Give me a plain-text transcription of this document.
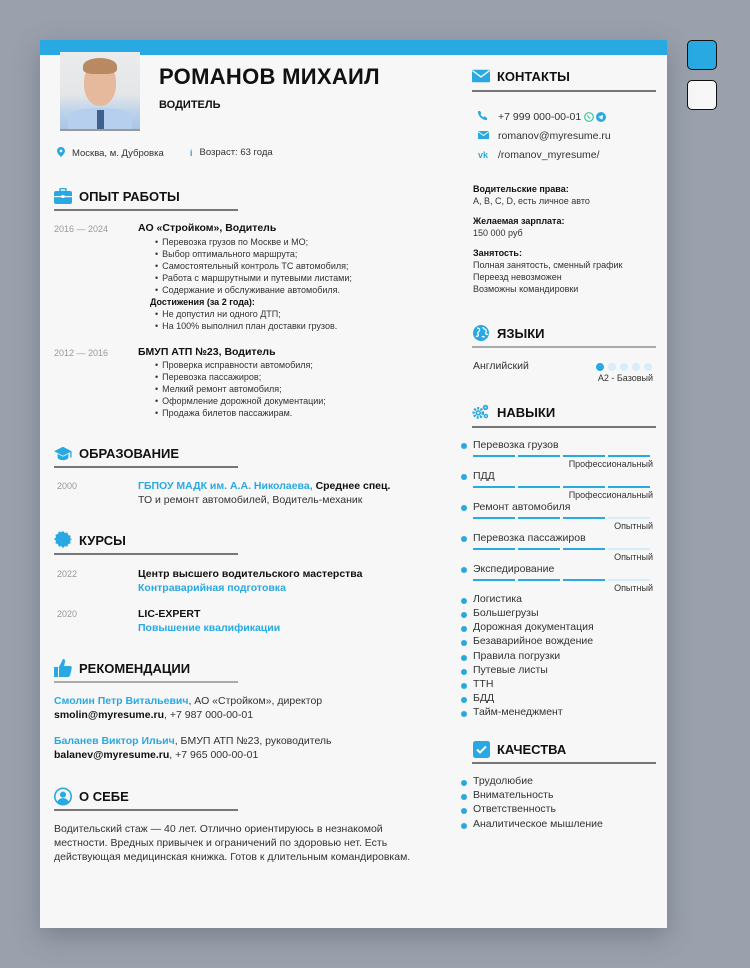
РОМАНОВ МИХАИЛ
ВОДИТЕЛЬ
Москва, м. Дубровка	i Возраст: 63 года
ОПЫТ РАБОТЫ
2016 — 2024	АО «Стройком», Водитель
• Перевозка грузов по Москве и МО;
• Выбор оптимального маршрута;
• Самостоятельный контроль ТС автомобиля;
• Работа с маршрутными и путевыми листами;
• Содержание и обслуживание автомобиля.
Достижения (за 2 года):
• Не допустил ни одного ДТП;
• На 100% выполнил план доставки грузов.
2012 — 2016	БМУП АТП №23, Водитель
• Проверка исправности автомобиля;
• Перевозка пассажиров;
• Мелкий ремонт автомобиля;
• Оформление дорожной документации;
• Продажа билетов пассажирам.
ОБРАЗОВАНИЕ
2000	ГБПОУ МАДК им. А.А. Николаева, Среднее спец.
ТО и ремонт автомобилей, Водитель-механик
КУРСЫ
2022	Центр высшего водительского мастерства
Контраварийная подготовка
2020	LIC-EXPERT
Повышение квалификации
РЕКОМЕНДАЦИИ
Смолин Петр Витальевич, АО «Стройком», директор
smolin@myresume.ru, +7 987 000-00-01
Баланев Виктор Ильич, БМУП АТП №23, руководитель
balanev@myresume.ru, +7 965 000-00-01
О СЕБЕ
Водительский стаж — 40 лет. Отлично ориентируюсь в незнакомой
местности. Вредных привычек и ограничений по здоровью нет. Есть
действующая медицинская книжка. Готов к длительным командировкам.
КОНТАКТЫ
+7 999 000-00-01
romanov@myresume.ru
vk /romanov_myresume/
Водительские права:
A, B, C, D, есть личное авто
Желаемая зарплата:
150 000 руб
Занятость:
Полная занятость, сменный график
Переезд невозможен
Возможны командировки
ЯЗЫКИ
Английский
A2 - Базовый
НАВЫКИ
Перевозка грузов
Профессиональный
ПДД
Профессиональный
Ремонт автомобиля
Опытный
Перевозка пассажиров
Опытный
Экспедирование
Опытный
Логистика
Большегрузы
Дорожная документация
Безаварийное вождение
Правила погрузки
Путевые листы
ТТН
БДД
Тайм-менеджмент
КАЧЕСТВА
Трудолюбие
Внимательность
Ответственность
Аналитическое мышление
